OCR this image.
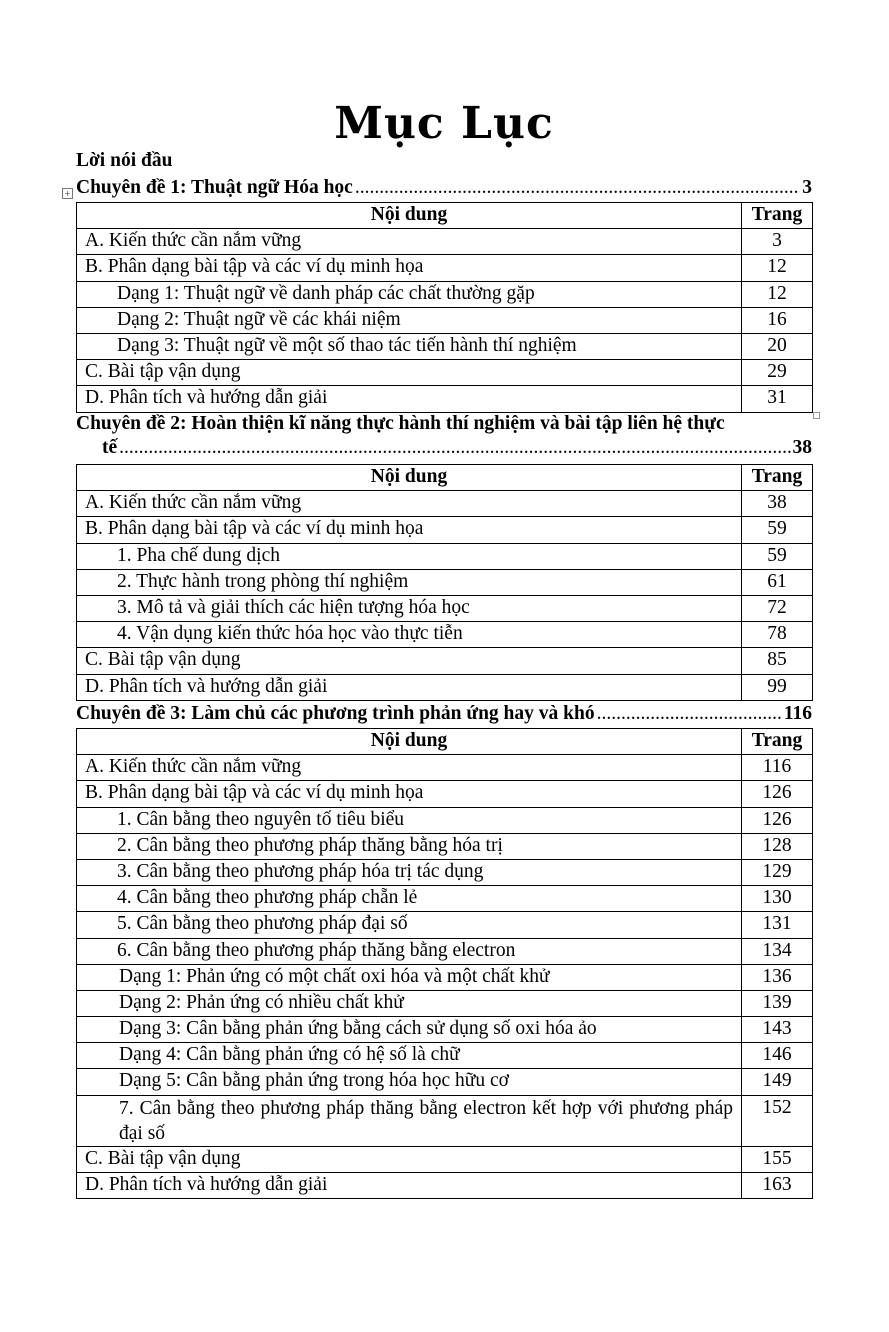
Mục Lục
Lời nói đầu
+ Chuyên đề 1: Thuật ngữ Hóa học .....	3
Nội dung	Trang
A. Kiến thức cần nắm vững	3
B. Phân dạng bài tập và các ví dụ minh họa	12
Dạng 1: Thuật ngữ về danh pháp các chất thường gặp	12
Dạng 2: Thuật ngữ về các khái niệm	16
Dạng 3: Thuật ngữ về một số thao tác tiến hành thí nghiệm	20
C. Bài tập vận dụng	29
D. Phân tích và hướng dẫn giải	31
Chuyên đề 2: Hoàn thiện kĩ năng thực hành thí nghiệm và bài tập liên hệ thực
tế .....	38
Nội dung	Trang
A. Kiến thức cần nắm vững	38
B. Phân dạng bài tập và các ví dụ minh họa	59
1. Pha chế dung dịch	59
2. Thực hành trong phòng thí nghiệm	61
3. Mô tả và giải thích các hiện tượng hóa học	72
4. Vận dụng kiến thức hóa học vào thực tiễn	78
C. Bài tập vận dụng	85
D. Phân tích và hướng dẫn giải	99
Chuyên đề 3: Làm chủ các phương trình phản ứng hay và khó .....	116
Nội dung	Trang
A. Kiến thức cần nắm vững	116
B. Phân dạng bài tập và các ví dụ minh họa	126
1. Cân bằng theo nguyên tố tiêu biểu	126
2. Cân bằng theo phương pháp thăng bằng hóa trị	128
3. Cân bằng theo phương pháp hóa trị tác dụng	129
4. Cân bằng theo phương pháp chẵn lẻ	130
5. Cân bằng theo phương pháp đại số	131
6. Cân bằng theo phương pháp thăng bằng electron	134
Dạng 1: Phản ứng có một chất oxi hóa và một chất khử	136
Dạng 2: Phản ứng có nhiều chất khử	139
Dạng 3: Cân bằng phản ứng bằng cách sử dụng số oxi hóa ảo	143
Dạng 4: Cân bằng phản ứng có hệ số là chữ	146
Dạng 5: Cân bằng phản ứng trong hóa học hữu cơ	149
7. Cân bằng theo phương pháp thăng bằng electron kết hợp với phương pháp đại số	152
C. Bài tập vận dụng	155
D. Phân tích và hướng dẫn giải	163
